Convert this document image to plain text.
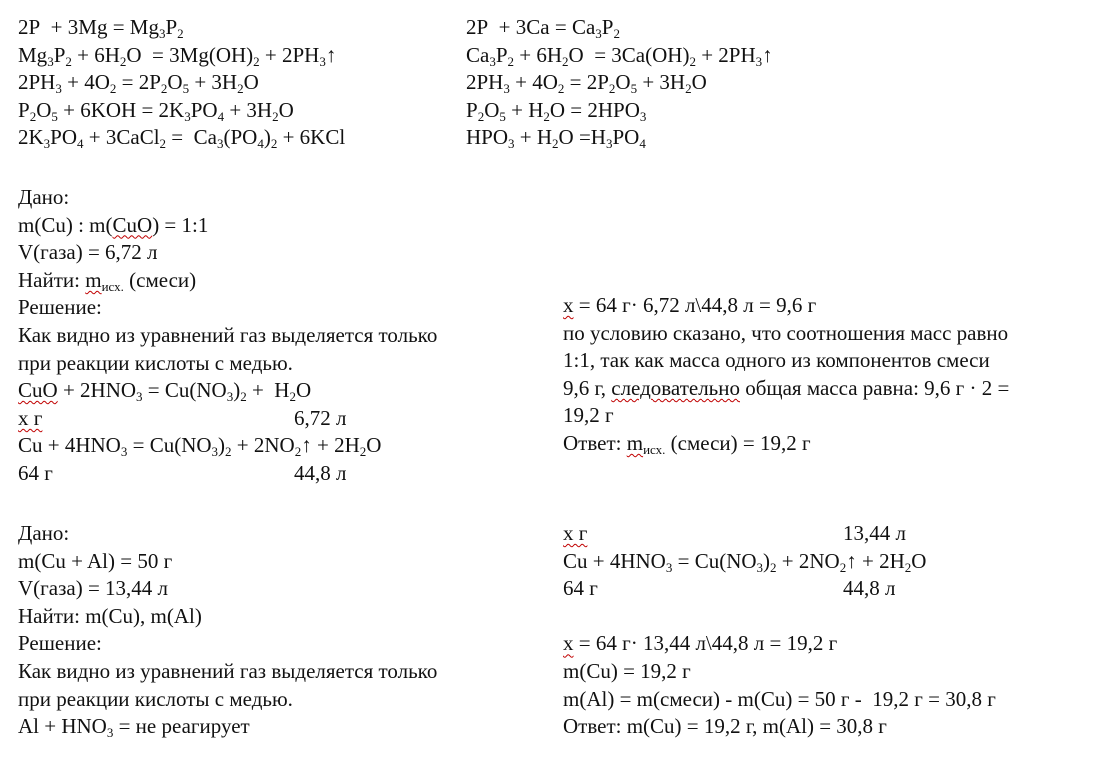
$2P + 3Mg = Mg_3P_2$
$Mg_3P_2 + 6H_2O = 3Mg(OH)_2$ + $2PH_3↑$
$2PH_3 + 4O_2 = 2P_2O_5 + 3H_2O$
$P_2O_5 + 6KOH = 2K_3PO_4 + 3H_2O$
$2K_3PO_4$ + 3CaCl$_2$ =  $Ca_3(PO_4)_2 + 6KCl$
$2P + 3Ca = Ca_3P_2$
$Ca_3P_2 + 6H_2O = 3Ca(OH)_2$ + $2PH_3↑$
$2PH_3 + 4O_2 = 2P_2O_5 + 3H_2O$
$P_2O_5 + H_2O = 2HPO_3$
$HPO_3 + H_2O =H_3PO_4$
Дано:
m(Cu) : m(CuO) = 1:1
V(газа) = 6,72 л
Найти: $m_{исх.}$ (смеси)
Решение:
Как видно из уравнений газ выделяется только
при реакции кислоты с медью.
CuO + $2HNO_3 = Cu(NO_3)_2 + H_2O$
х г	6,72 л
$Cu + 4HNO_3 = Cu(NO_3)_2$ + $2NO_2↑ + 2H_2O$
64 г	44,8 л
х = 64 г· 6,72 л\44,8 л = 9,6 г
по условию сказано, что соотношения масс равно
1:1, так как масса одного из компонентов смеси
9,6 г, следовательно общая масса равна: 9,6 г · 2 =
19,2 г
Ответ: $m_{исх.}$ (смеси) = 19,2 г
Дано:
m(Cu + Al) = 50 г
V(газа) = 13,44 л
Найти: m(Cu), m(Al)
Решение:
Как видно из уравнений газ выделяется только
при реакции кислоты с медью.
$Al + HNO_3$ = не реагирует
х г	13,44 л
$Cu + 4HNO_3 = Cu(NO_3)_2$ + $2NO_2↑ + 2H_2O$
64 г	44,8 л
х = 64 г· 13,44 л\44,8 л = 19,2 г
m(Cu) = 19,2 г
m(Al) = m(смеси) - m(Cu) = 50 г -  19,2 г = 30,8 г
Ответ: m(Cu) = 19,2 г, m(Al) = 30,8 г
